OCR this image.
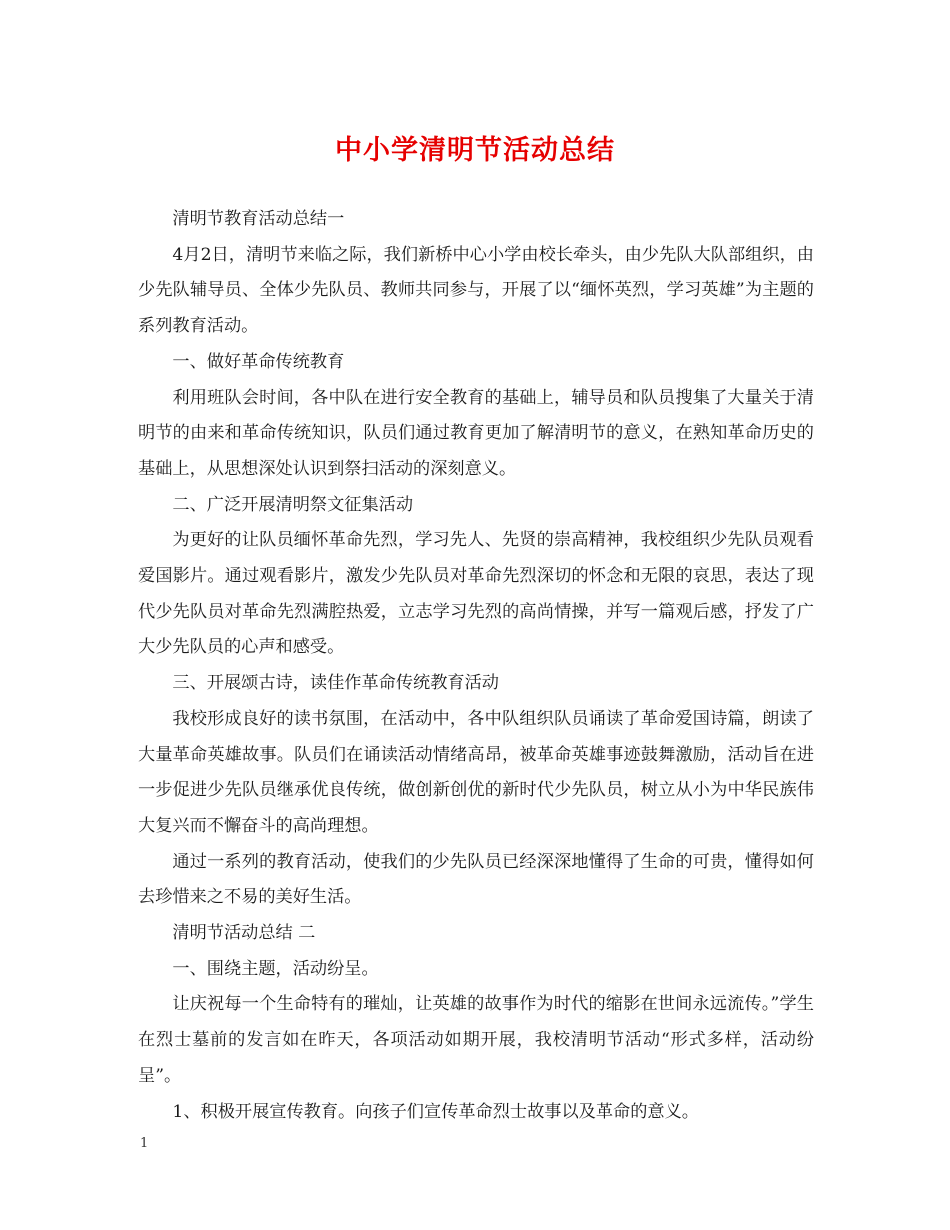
中小学清明节活动总结

清明节教育活动总结一

4月2日，清明节来临之际，我们新桥中心小学由校长牵头，由少先队大队部组织，由少先队辅导员、全体少先队员、教师共同参与，开展了以“缅怀英烈，学习英雄”为主题的系列教育活动。

一、做好革命传统教育

利用班队会时间，各中队在进行安全教育的基础上，辅导员和队员搜集了大量关于清明节的由来和革命传统知识，队员们通过教育更加了解清明节的意义，在熟知革命历史的基础上，从思想深处认识到祭扫活动的深刻意义。

二、广泛开展清明祭文征集活动

为更好的让队员缅怀革命先烈，学习先人、先贤的崇高精神，我校组织少先队员观看爱国影片。通过观看影片，激发少先队员对革命先烈深切的怀念和无限的哀思，表达了现代少先队员对革命先烈满腔热爱，立志学习先烈的高尚情操，并写一篇观后感，抒发了广大少先队员的心声和感受。

三、开展颂古诗，读佳作革命传统教育活动

我校形成良好的读书氛围，在活动中，各中队组织队员诵读了革命爱国诗篇，朗读了大量革命英雄故事。队员们在诵读活动情绪高昂，被革命英雄事迹鼓舞激励，活动旨在进一步促进少先队员继承优良传统，做创新创优的新时代少先队员，树立从小为中华民族伟大复兴而不懈奋斗的高尚理想。

通过一系列的教育活动，使我们的少先队员已经深深地懂得了生命的可贵，懂得如何去珍惜来之不易的美好生活。

清明节活动总结 二

一、围绕主题，活动纷呈。

让庆祝每一个生命特有的璀灿，让英雄的故事作为时代的缩影在世间永远流传。”学生在烈士墓前的发言如在昨天，各项活动如期开展，我校清明节活动“形式多样，活动纷呈”。

1、积极开展宣传教育。向孩子们宣传革命烈士故事以及革命的意义。

1
